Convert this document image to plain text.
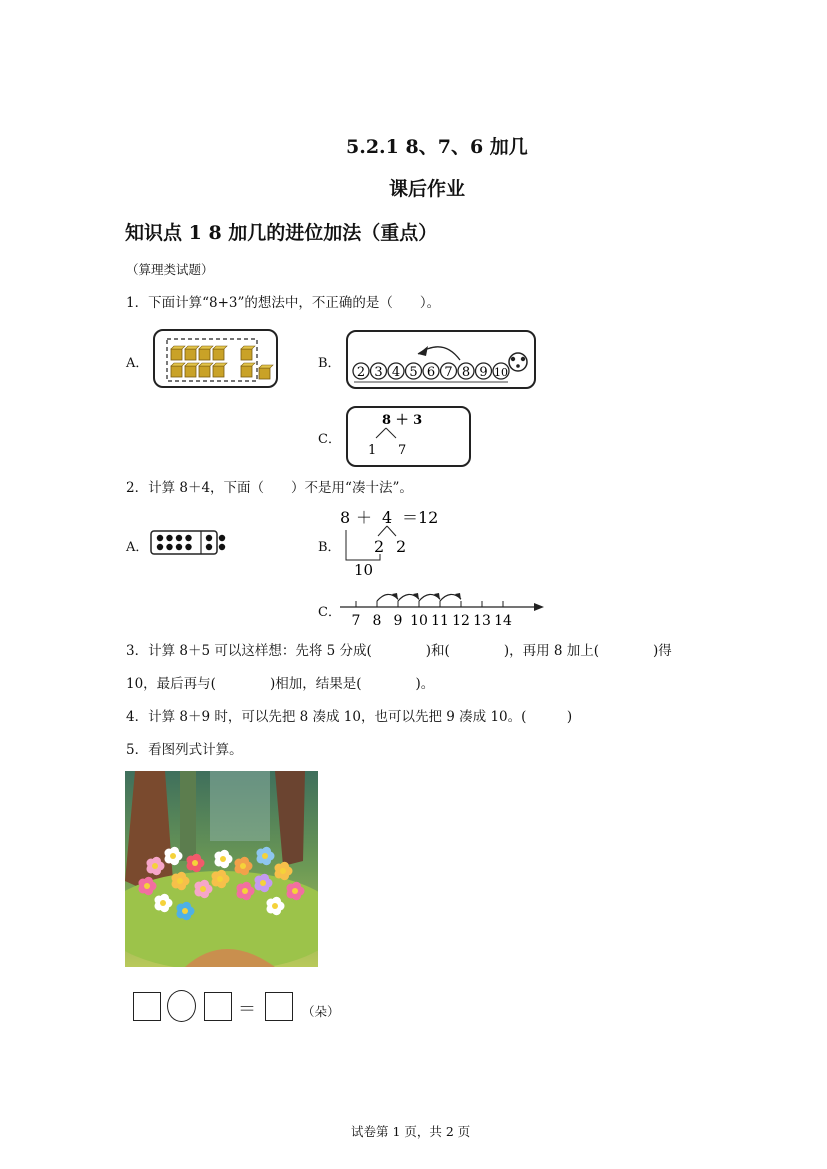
5.2.1 8、7、6 加几
课后作业
知识点 1 8 加几的进位加法（重点）
（算理类试题）
1．下面计算“8+3”的想法中，不正确的是（　　）。
A．	B．
2 3 4 5 6 7 8 9 10
C．
8 ＋ 3
1 7
2．计算 8＋4，下面（　　）不是用“凑十法”。
A．	B．
8 ＋ 4 ＝12
2 2
10
C．
7 8 9 10 11 12 13 14
3．计算 8＋5 可以这样想：先将 5 分成(　　　　)和(　　　　)，再用 8 加上(　　　　)得
10，最后再与(　　　　)相加，结果是(　　　　)。
4．计算 8＋9 时，可以先把 8 凑成 10，也可以先把 9 凑成 10。(　　　)
5．看图列式计算。
＝	（朵）
试卷第 1 页，共 2 页
